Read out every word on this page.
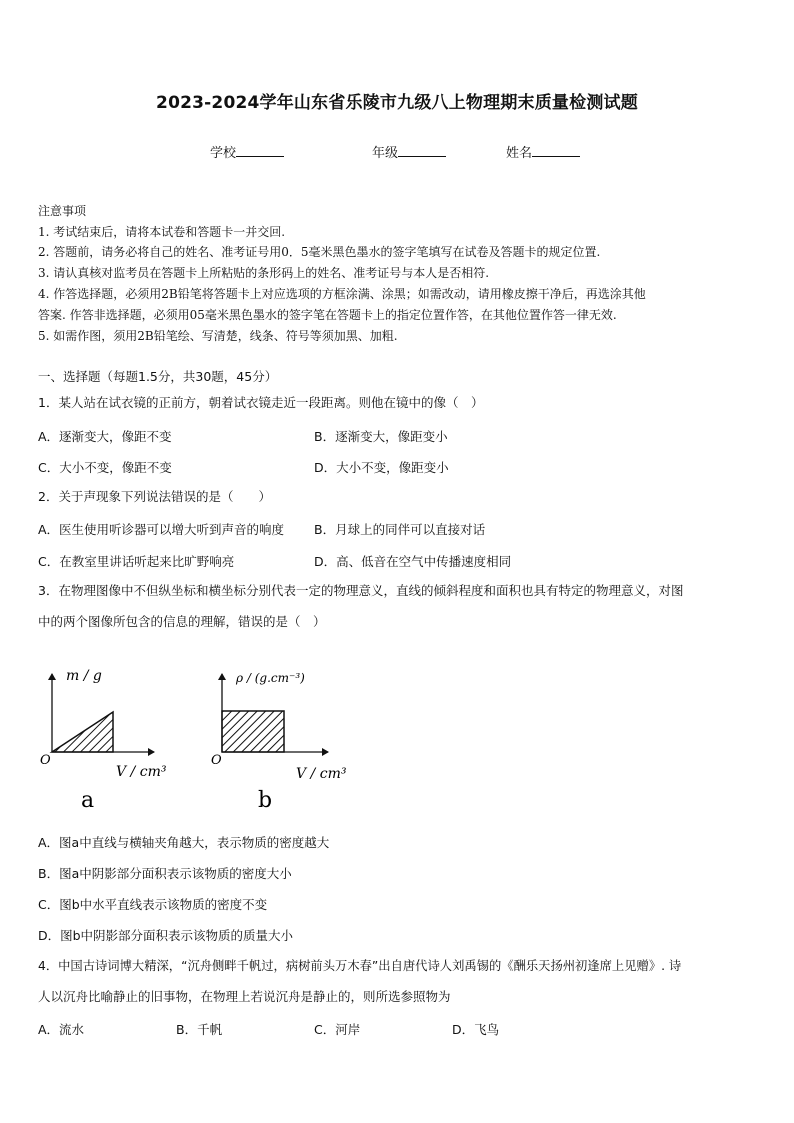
2023-2024学年山东省乐陵市九级八上物理期末质量检测试题
学校	年级	姓名
注意事项
1. 考试结束后，请将本试卷和答题卡一并交回.
2. 答题前，请务必将自己的姓名、准考证号用0．5毫米黑色墨水的签字笔填写在试卷及答题卡的规定位置.
3. 请认真核对监考员在答题卡上所粘贴的条形码上的姓名、准考证号与本人是否相符.
4. 作答选择题，必须用2B铅笔将答题卡上对应选项的方框涂满、涂黑；如需改动，请用橡皮擦干净后，再选涂其他
答案. 作答非选择题，必须用05毫米黑色墨水的签字笔在答题卡上的指定位置作答，在其他位置作答一律无效.
5. 如需作图，须用2B铅笔绘、写清楚，线条、符号等须加黑、加粗.
一、选择题（每题1.5分，共30题，45分）
1．某人站在试衣镜的正前方，朝着试衣镜走近一段距离。则他在镜中的像（　）
A．逐渐变大，像距不变	B．逐渐变大，像距变小
C．大小不变，像距不变	D．大小不变，像距变小
2．关于声现象下列说法错误的是（　　）
A．医生使用听诊器可以增大听到声音的响度 B．月球上的同伴可以直接对话
C．在教室里讲话听起来比旷野响亮	D．高、低音在空气中传播速度相同
3．在物理图像中不但纵坐标和横坐标分别代表一定的物理意义，直线的倾斜程度和面积也具有特定的物理意义，对图
中的两个图像所包含的信息的理解，错误的是（　）
m / g
V / cm³
O
a
ρ / (g.cm⁻³)
V / cm³
O
b
A．图a中直线与横轴夹角越大，表示物质的密度越大
B．图a中阴影部分面积表示该物质的密度大小
C．图b中水平直线表示该物质的密度不变
D．图b中阴影部分面积表示该物质的质量大小
4．中国古诗词博大精深，“沉舟侧畔千帆过，病树前头万木春”出自唐代诗人刘禹锡的《酬乐天扬州初逢席上见赠》. 诗
人以沉舟比喻静止的旧事物，在物理上若说沉舟是静止的，则所选参照物为
A．流水	B．千帆	C．河岸	D．飞鸟
